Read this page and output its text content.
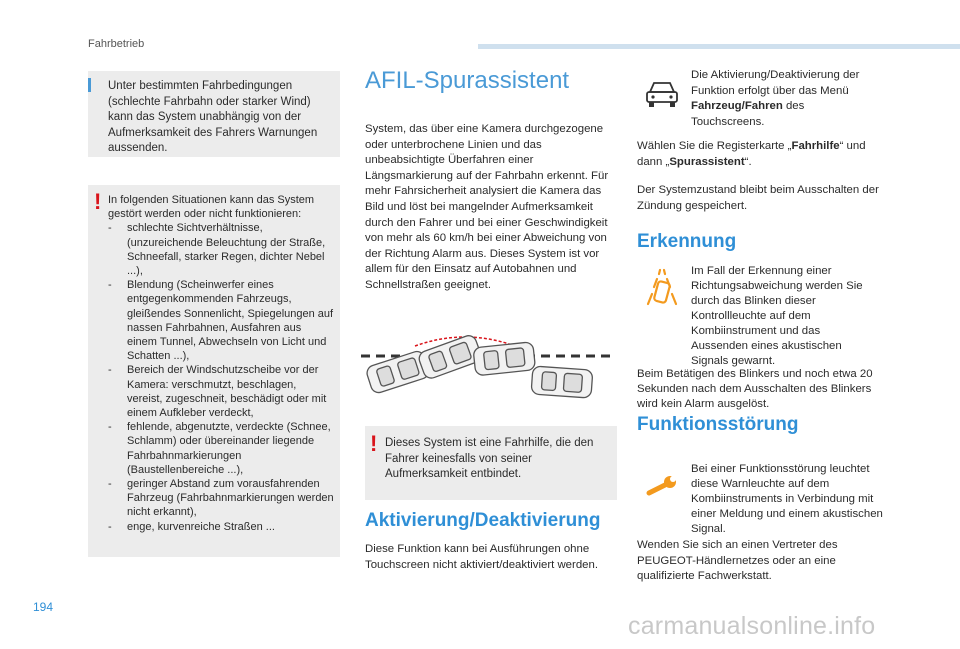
Fahrbetrieb
Unter bestimmten Fahrbedingungen (schlechte Fahrbahn oder starker Wind) kann das System unabhängig von der Aufmerksamkeit des Fahrers Warnungen aussenden.
! In folgenden Situationen kann das System gestört werden oder nicht funktionieren:
- schlechte Sichtverhältnisse, (unzureichende Beleuchtung der Straße, Schneefall, starker Regen, dichter Nebel ...),
- Blendung (Scheinwerfer eines entgegenkommenden Fahrzeugs, gleißendes Sonnenlicht, Spiegelungen auf nassen Fahrbahnen, Ausfahren aus einem Tunnel, Abwechseln von Licht und Schatten ...),
- Bereich der Windschutzscheibe vor der Kamera: verschmutzt, beschlagen, vereist, zugeschneit, beschädigt oder mit einem Aufkleber verdeckt,
- fehlende, abgenutzte, verdeckte (Schnee, Schlamm) oder übereinander liegende Fahrbahnmarkierungen (Baustellenbereiche ...),
- geringer Abstand zum vorausfahrenden Fahrzeug (Fahrbahnmarkierungen werden nicht erkannt),
- enge, kurvenreiche Straßen ...
AFIL-Spurassistent
System, das über eine Kamera durchgezogene oder unterbrochene Linien und das unbeabsichtigte Überfahren einer Längsmarkierung auf der Fahrbahn erkennt. Für mehr Fahrsicherheit analysiert die Kamera das Bild und löst bei mangelnder Aufmerksamkeit durch den Fahrer und bei einer Geschwindigkeit von mehr als 60 km/h bei einer Abweichung von der Richtung Alarm aus. Dieses System ist vor allem für den Einsatz auf Autobahnen und Schnellstraßen geeignet.
! Dieses System ist eine Fahrhilfe, die den Fahrer keinesfalls von seiner Aufmerksamkeit entbindet.
Aktivierung/Deaktivierung
Diese Funktion kann bei Ausführungen ohne Touchscreen nicht aktiviert/deaktiviert werden.
Die Aktivierung/Deaktivierung der Funktion erfolgt über das Menü Fahrzeug/Fahren des Touchscreens.
Wählen Sie die Registerkarte „Fahrhilfe“ und dann „Spurassistent“.
Der Systemzustand bleibt beim Ausschalten der Zündung gespeichert.
Erkennung
Im Fall der Erkennung einer Richtungsabweichung werden Sie durch das Blinken dieser Kontrollleuchte auf dem Kombiinstrument und das Aussenden eines akustischen Signals gewarnt.
Beim Betätigen des Blinkers und noch etwa 20 Sekunden nach dem Ausschalten des Blinkers wird kein Alarm ausgelöst.
Funktionsstörung
Bei einer Funktionsstörung leuchtet diese Warnleuchte auf dem Kombiinstruments in Verbindung mit einer Meldung und einem akustischen Signal.
Wenden Sie sich an einen Vertreter des PEUGEOT-Händlernetzes oder an eine qualifizierte Fachwerkstatt.
194
carmanualsonline.info
